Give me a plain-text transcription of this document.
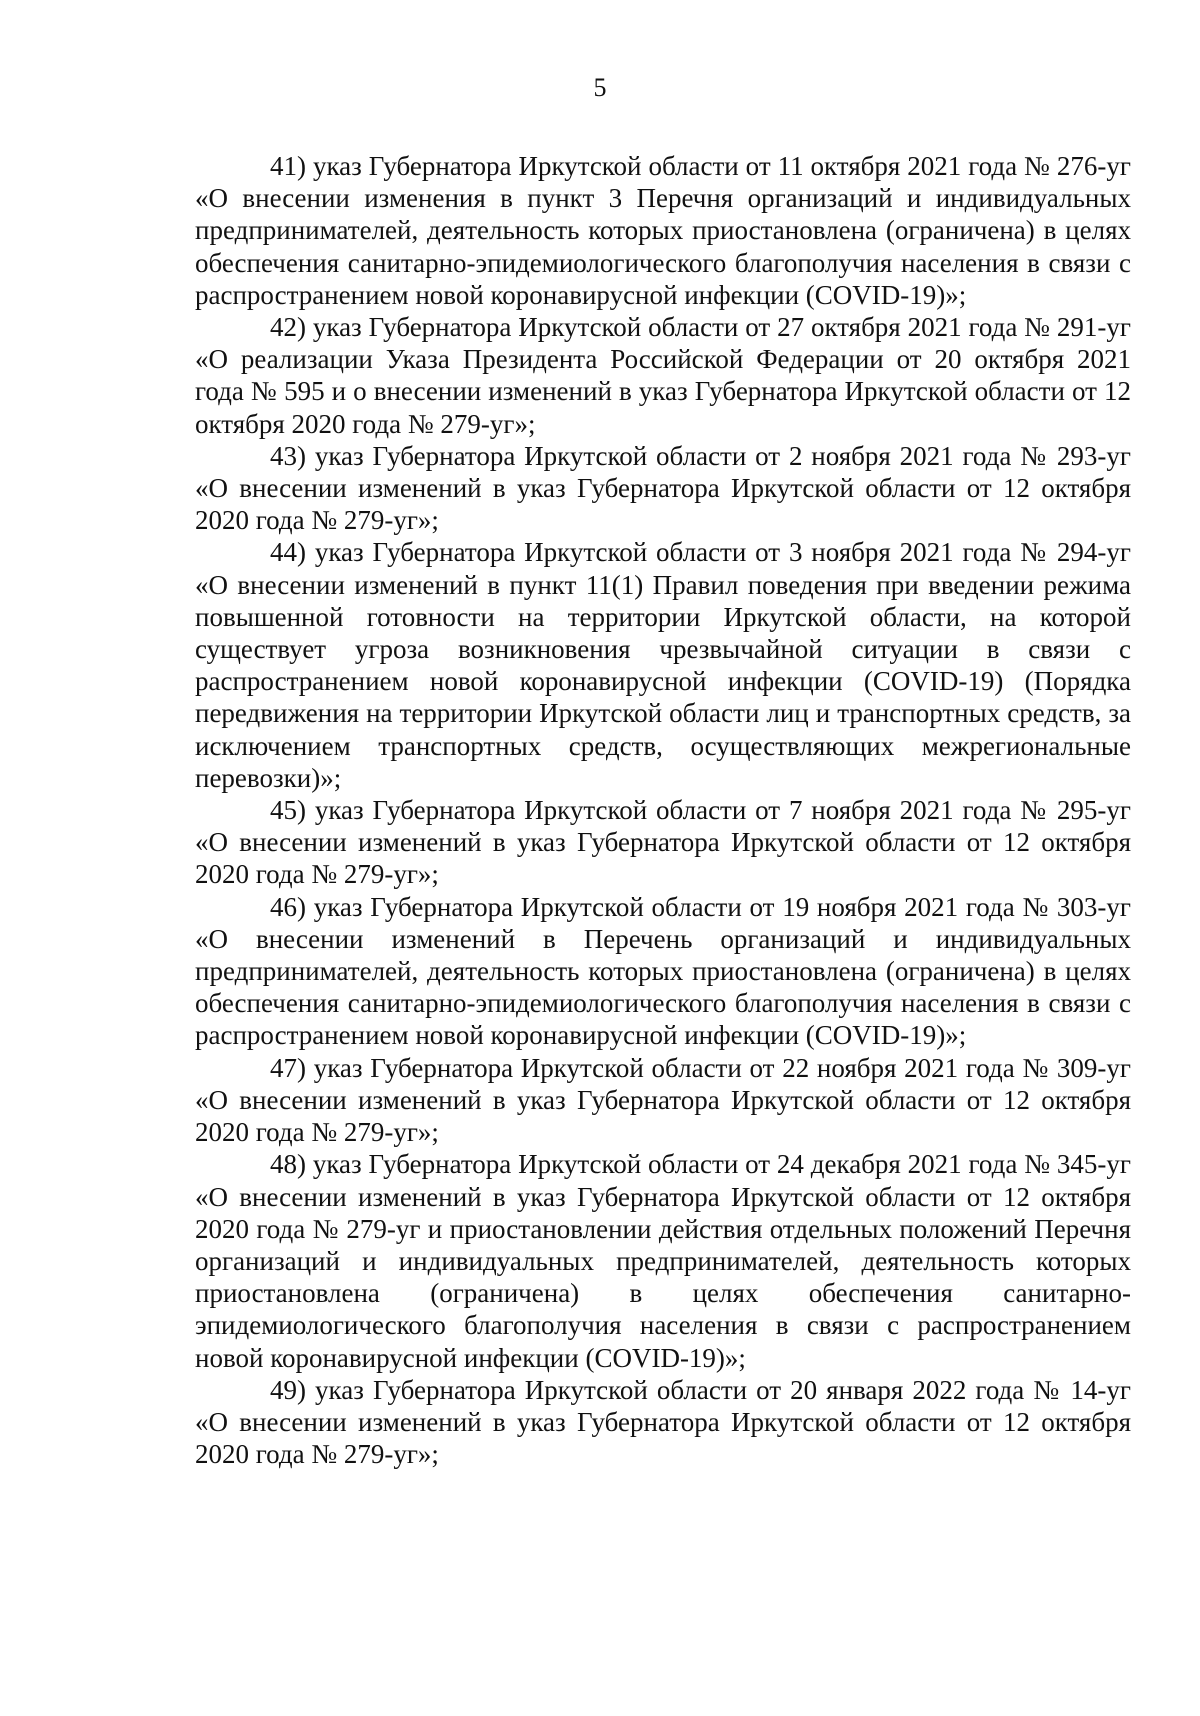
5

41) указ Губернатора Иркутской области от 11 октября 2021 года № 276-уг «О внесении изменения в пункт 3 Перечня организаций и индивидуальных предпринимателей, деятельность которых приостановлена (ограничена) в целях обеспечения санитарно-эпидемиологического благополучия населения в связи с распространением новой коронавирусной инфекции (COVID-19)»;

42) указ Губернатора Иркутской области от 27 октября 2021 года № 291-уг «О реализации Указа Президента Российской Федерации от 20 октября 2021 года № 595 и о внесении изменений в указ Губернатора Иркутской области от 12 октября 2020 года № 279-уг»;

43) указ Губернатора Иркутской области от 2 ноября 2021 года № 293-уг «О внесении изменений в указ Губернатора Иркутской области от 12 октября 2020 года № 279-уг»;

44) указ Губернатора Иркутской области от 3 ноября 2021 года № 294-уг «О внесении изменений в пункт 11(1) Правил поведения при введении режима повышенной готовности на территории Иркутской области, на которой существует угроза возникновения чрезвычайной ситуации в связи с распространением новой коронавирусной инфекции (COVID-19) (Порядка передвижения на территории Иркутской области лиц и транспортных средств, за исключением транспортных средств, осуществляющих межрегиональные перевозки)»;

45) указ Губернатора Иркутской области от 7 ноября 2021 года № 295-уг «О внесении изменений в указ Губернатора Иркутской области от 12 октября 2020 года № 279-уг»;

46) указ Губернатора Иркутской области от 19 ноября 2021 года № 303-уг «О внесении изменений в Перечень организаций и индивидуальных предпринимателей, деятельность которых приостановлена (ограничена) в целях обеспечения санитарно-эпидемиологического благополучия населения в связи с распространением новой коронавирусной инфекции (COVID-19)»;

47) указ Губернатора Иркутской области от 22 ноября 2021 года № 309-уг «О внесении изменений в указ Губернатора Иркутской области от 12 октября 2020 года № 279-уг»;

48) указ Губернатора Иркутской области от 24 декабря 2021 года № 345-уг «О внесении изменений в указ Губернатора Иркутской области от 12 октября 2020 года № 279-уг и приостановлении действия отдельных положений Перечня организаций и индивидуальных предпринимателей, деятельность которых приостановлена (ограничена) в целях обеспечения санитарно-эпидемиологического благополучия населения в связи с распространением новой коронавирусной инфекции (COVID-19)»;

49) указ Губернатора Иркутской области от 20 января 2022 года № 14-уг «О внесении изменений в указ Губернатора Иркутской области от 12 октября 2020 года № 279-уг»;
